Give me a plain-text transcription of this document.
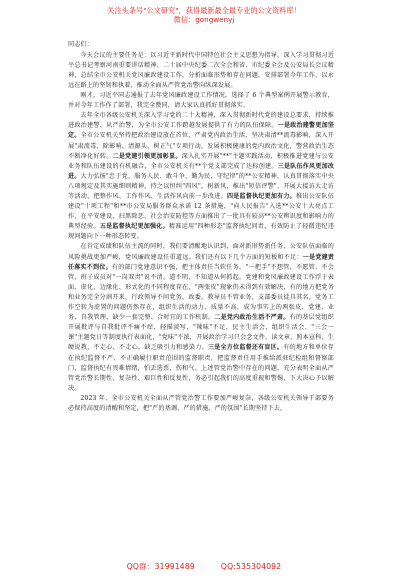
关注头条号"公文研究"，获得最新最全最专业的公文资料库！
微信：gongwenyj

同志们：

今天会议的主要任务是：以习近平新时代中国特色社会主义思想为指导，深入学习贯彻习近平总书记考察河南重要讲话精神、二十届中央纪委二次全会和省、市纪委全会及公安局长会议精神，总结全市公安机关党风廉政建设工作，分析面临形势和存在问题，安排部署今年工作，以永远在路上的坚韧和执着，推动全面从严管党治警向纵深发展。

刚才，习近平同志通报了去年党风廉政建设工作情况。选择了 6 个典型案例开展警示教育，并对今年工作作了部署，我完全赞同，请大家认真抓好贯彻落实。

去年全市各级公安机关深入学习党的二十大精神，深入贯彻新时代党的建设总要求，持续推进政治建警、从严治警，为全市公安工作跨越发展提供了有力的队伍保障。一是政治建警更加坚定。全市公安机关坚持把政治建设放在首位，严肃党内政治生活，坚决肃清**流毒影响，深入开展"肃流毒、除影响、清源头、树正气"专项行动，发展积极健康的党内政治文化，警营政治生态不断净化好转。二是党建引领更加彰显。深入扎实开展"**"主题实践活动，积极推进党建与公安业务和队伍建设的有机融合，全市公安机关有**个党支部完成了达标创建。三是队伍作风更加改进。大力弘扬"忠于党、服务人民、敢斗争、勤为民、守纪律"的**公安精神，认真贯彻落实中央八项规定及其实施细则精神，持之以恒纠"四风"，树新风，推出"短信评警"、开展大接访大走访等活动，把整作风、工作作风、生活作风向前一步改进。四是监督执纪更加有力。推出公安队伍建设"十项工程"和**市公安局服务群众承诺 12 条措施，"向人民报告"入选**公安十大亮点工作，在平安建设、扫黑除恶、社会治安防控等方面推出了一批具有较高**公安辨识度和影响力的典型经验。五是监督执纪更加强化。精准运用"四种形态"监督执纪问责，有效防止了轻微违纪违规问题向下一种形态转变。

在肯定成绩和队伍主流的同时，我们要清醒地认识到，面对新形势新任务，公安队伍面临的风险挑战更加严峻，党风廉政建设任重道远。我们还有以下几个方面的短板和不足：一是党建责任落实不到位。有的部门党建意识不强，把主体责任当软任务，"一把手"不想管、不愿管、不会管，班子成员对"一岗双责"说不清、道不明，不知道从何抓起。党建和党风廉政建设工作浮于表面、虚化、边缘化、形式化的不同程度存在，"两张皮"现象仍未得到有效解决，有的地方把党务和业务完全分割开来，行政领导不问党务，政委、教导员不管业务，支部委员徒具其名，党务工作空转为虚置的问题仍然存在，组织生活的动力、质量不高，成为事实上的两张皮，党建、业务、自我管理，缺少一套完整、合时宜的工作机制。二是党内政治生活不严肃。有的基层党组织开展批评与自我批评不痛不痒、轻描淡写，"辣味"不足，民主生活会、组织生活会、"三会一课"主题党日等制度执行表面化，"党味"不浓，开展政治学习只会念文件、读文章，照本宣科，生硬说教，不走心、不走心，缺乏吸引力和感染力。三是全方位监督还有盲区。有的地方和单位存在执纪监督不严、不正确履行职责范围的监督职责，把监督责任用手推给派驻纪检组和督察部门，监督执纪有畏难情绪，怕丢选票、伤和气。上述管党治警中存在的问题，充分表明全面从严管党治警长期性、复杂性、艰巨性和反复性，务必引起我们的高度重视和警惕，下大决心予以解决。

2023 年，全市公安机关全面从严管党治警工作要加严峻复杂，各级公安机关领导干部要务必保持高度的清醒和坚定，把"严的基调、严的措施、严的氛围"长期坚持下去，

QQ群：31991489	QQ:535304092
